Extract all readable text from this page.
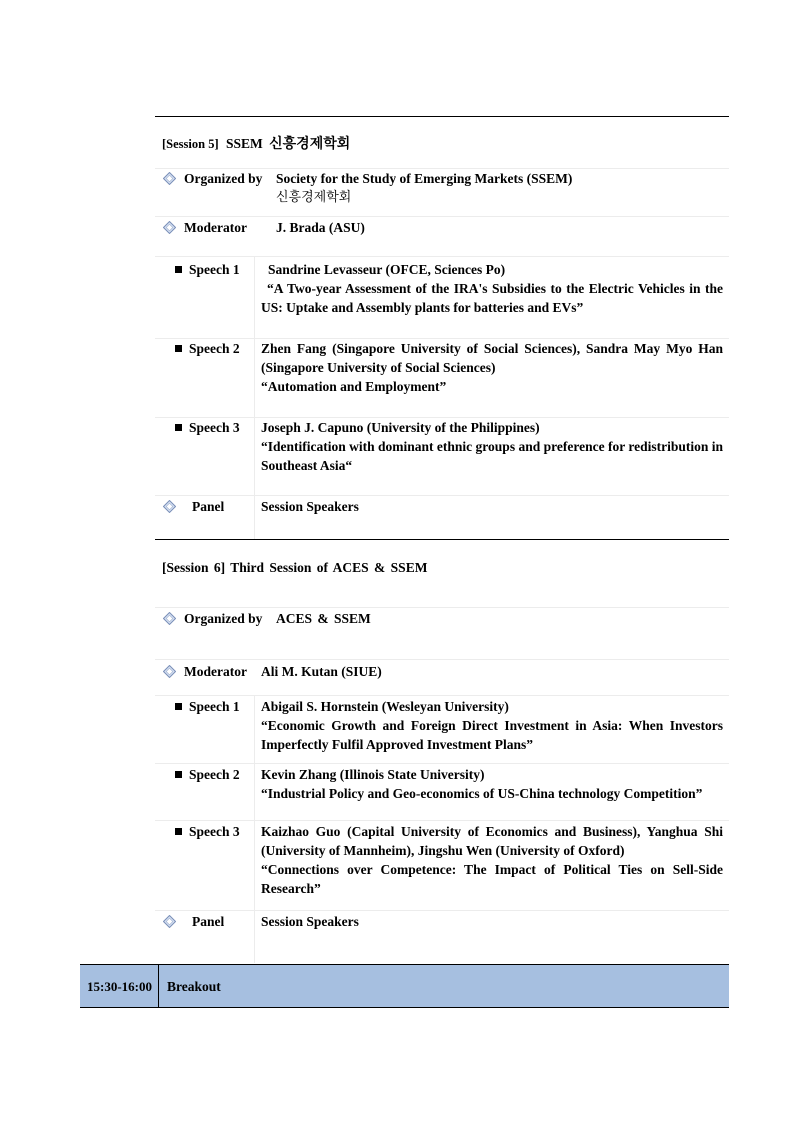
[Session 5] SSEM 신흥경제학회
Organized by Society for the Study of Emerging Markets (SSEM)
신흥경제학회
Moderator J. Brada (ASU)
Speech 1 Sandrine Levasseur (OFCE, Sciences Po)
“A Two-year Assessment of the IRA's Subsidies to the Electric Vehicles in the US: Uptake and Assembly plants for batteries and EVs”
Speech 2 Zhen Fang (Singapore University of Social Sciences), Sandra May Myo Han (Singapore University of Social Sciences)
“Automation and Employment”
Speech 3 Joseph J. Capuno (University of the Philippines)
“Identification with dominant ethnic groups and preference for redistribution in Southeast Asia“
Panel	Session Speakers
[Session 6] Third Session of ACES & SSEM
Organized by ACES & SSEM
Moderator Ali M. Kutan (SIUE)
Speech 1 Abigail S. Hornstein (Wesleyan University)
“Economic Growth and Foreign Direct Investment in Asia: When Investors Imperfectly Fulfil Approved Investment Plans”
Speech 2 Kevin Zhang (Illinois State University)
“Industrial Policy and Geo-economics of US-China technology Competition”
Speech 3 Kaizhao Guo (Capital University of Economics and Business), Yanghua Shi (University of Mannheim), Jingshu Wen (University of Oxford)
“Connections over Competence: The Impact of Political Ties on Sell-Side Research”
Panel	Session Speakers
15:30-16:00 Breakout
